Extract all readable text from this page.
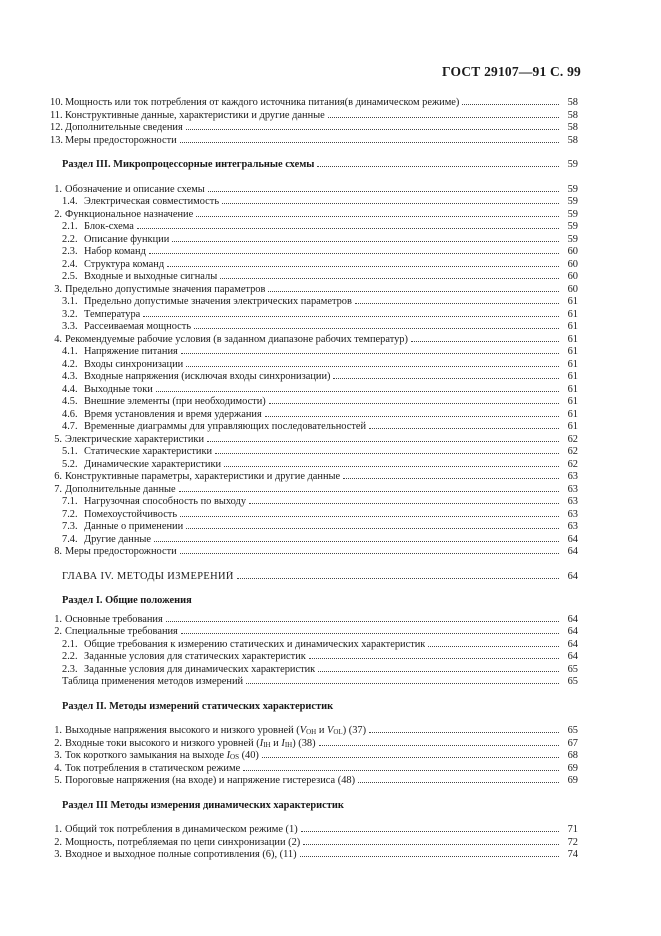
ГОСТ 29107—91 С. 99
10. Мощность или ток потребления от каждого источника питания(в динамическом режиме)	58
11. Конструктивные данные, характеристики и другие данные	58
12. Дополнительные сведения	58
13. Меры предосторожности	58
Раздел III. Микропроцессорные интегральные схемы	59
1. Обозначение и описание схемы	59
1.4. Электрическая совместимость	59
2. Функциональное назначение	59
2.1. Блок-схема	59
2.2. Описание функции	59
2.3. Набор команд	60
2.4. Структура команд	60
2.5. Входные и выходные сигналы	60
3. Предельно допустимые значения параметров	60
3.1. Предельно допустимые значения электрических параметров	61
3.2. Температура	61
3.3. Рассеиваемая мощность	61
4. Рекомендуемые рабочие условия (в заданном диапазоне рабочих температур)	61
4.1. Напряжение питания	61
4.2. Входы синхронизации	61
4.3. Входные напряжения (исключая входы синхронизации)	61
4.4. Выходные токи	61
4.5. Внешние элементы (при необходимости)	61
4.6. Время установления и время удержания	61
4.7. Временные диаграммы для управляющих последовательностей	61
5. Электрические характеристики	62
5.1. Статические характеристики	62
5.2. Динамические характеристики	62
6. Конструктивные параметры, характеристики и другие данные	63
7. Дополнительные данные	63
7.1. Нагрузочная способность по выходу	63
7.2. Помехоустойчивость	63
7.3. Данные о применении	63
7.4. Другие данные	64
8. Меры предосторожности	64
ГЛАВА IV. МЕТОДЫ ИЗМЕРЕНИЙ	64
Раздел I. Общие положения
1. Основные требования	64
2. Специальные требования	64
2.1. Общие требования к измерению статических и динамических характеристик	64
2.2. Заданные условия для статических характеристик	64
2.3. Заданные условия для динамических характеристик	65
Таблица применения методов измерений	65
Раздел II. Методы измерений статических характеристик
1. Выходные напряжения высокого и низкого уровней ($V_{OH}$ и $V_{OL}$) (37)	65
2. Входные токи высокого и низкого уровней ($I_{IH}$ и $I_{IH}$) (38)	67
3. Ток короткого замыкания на выходе $I_{OS}$ (40)	68
4. Ток потребления в статическом режиме	69
5. Пороговые напряжения (на входе) и напряжение гистерезиса (48)	69
Раздел III Методы измерения динамических характеристик
1. Общий ток потребления в динамическом режиме (1)	71
2. Мощность, потребляемая по цепи синхронизации (2)	72
3. Входное и выходное полные сопротивления (6), (11)	74
